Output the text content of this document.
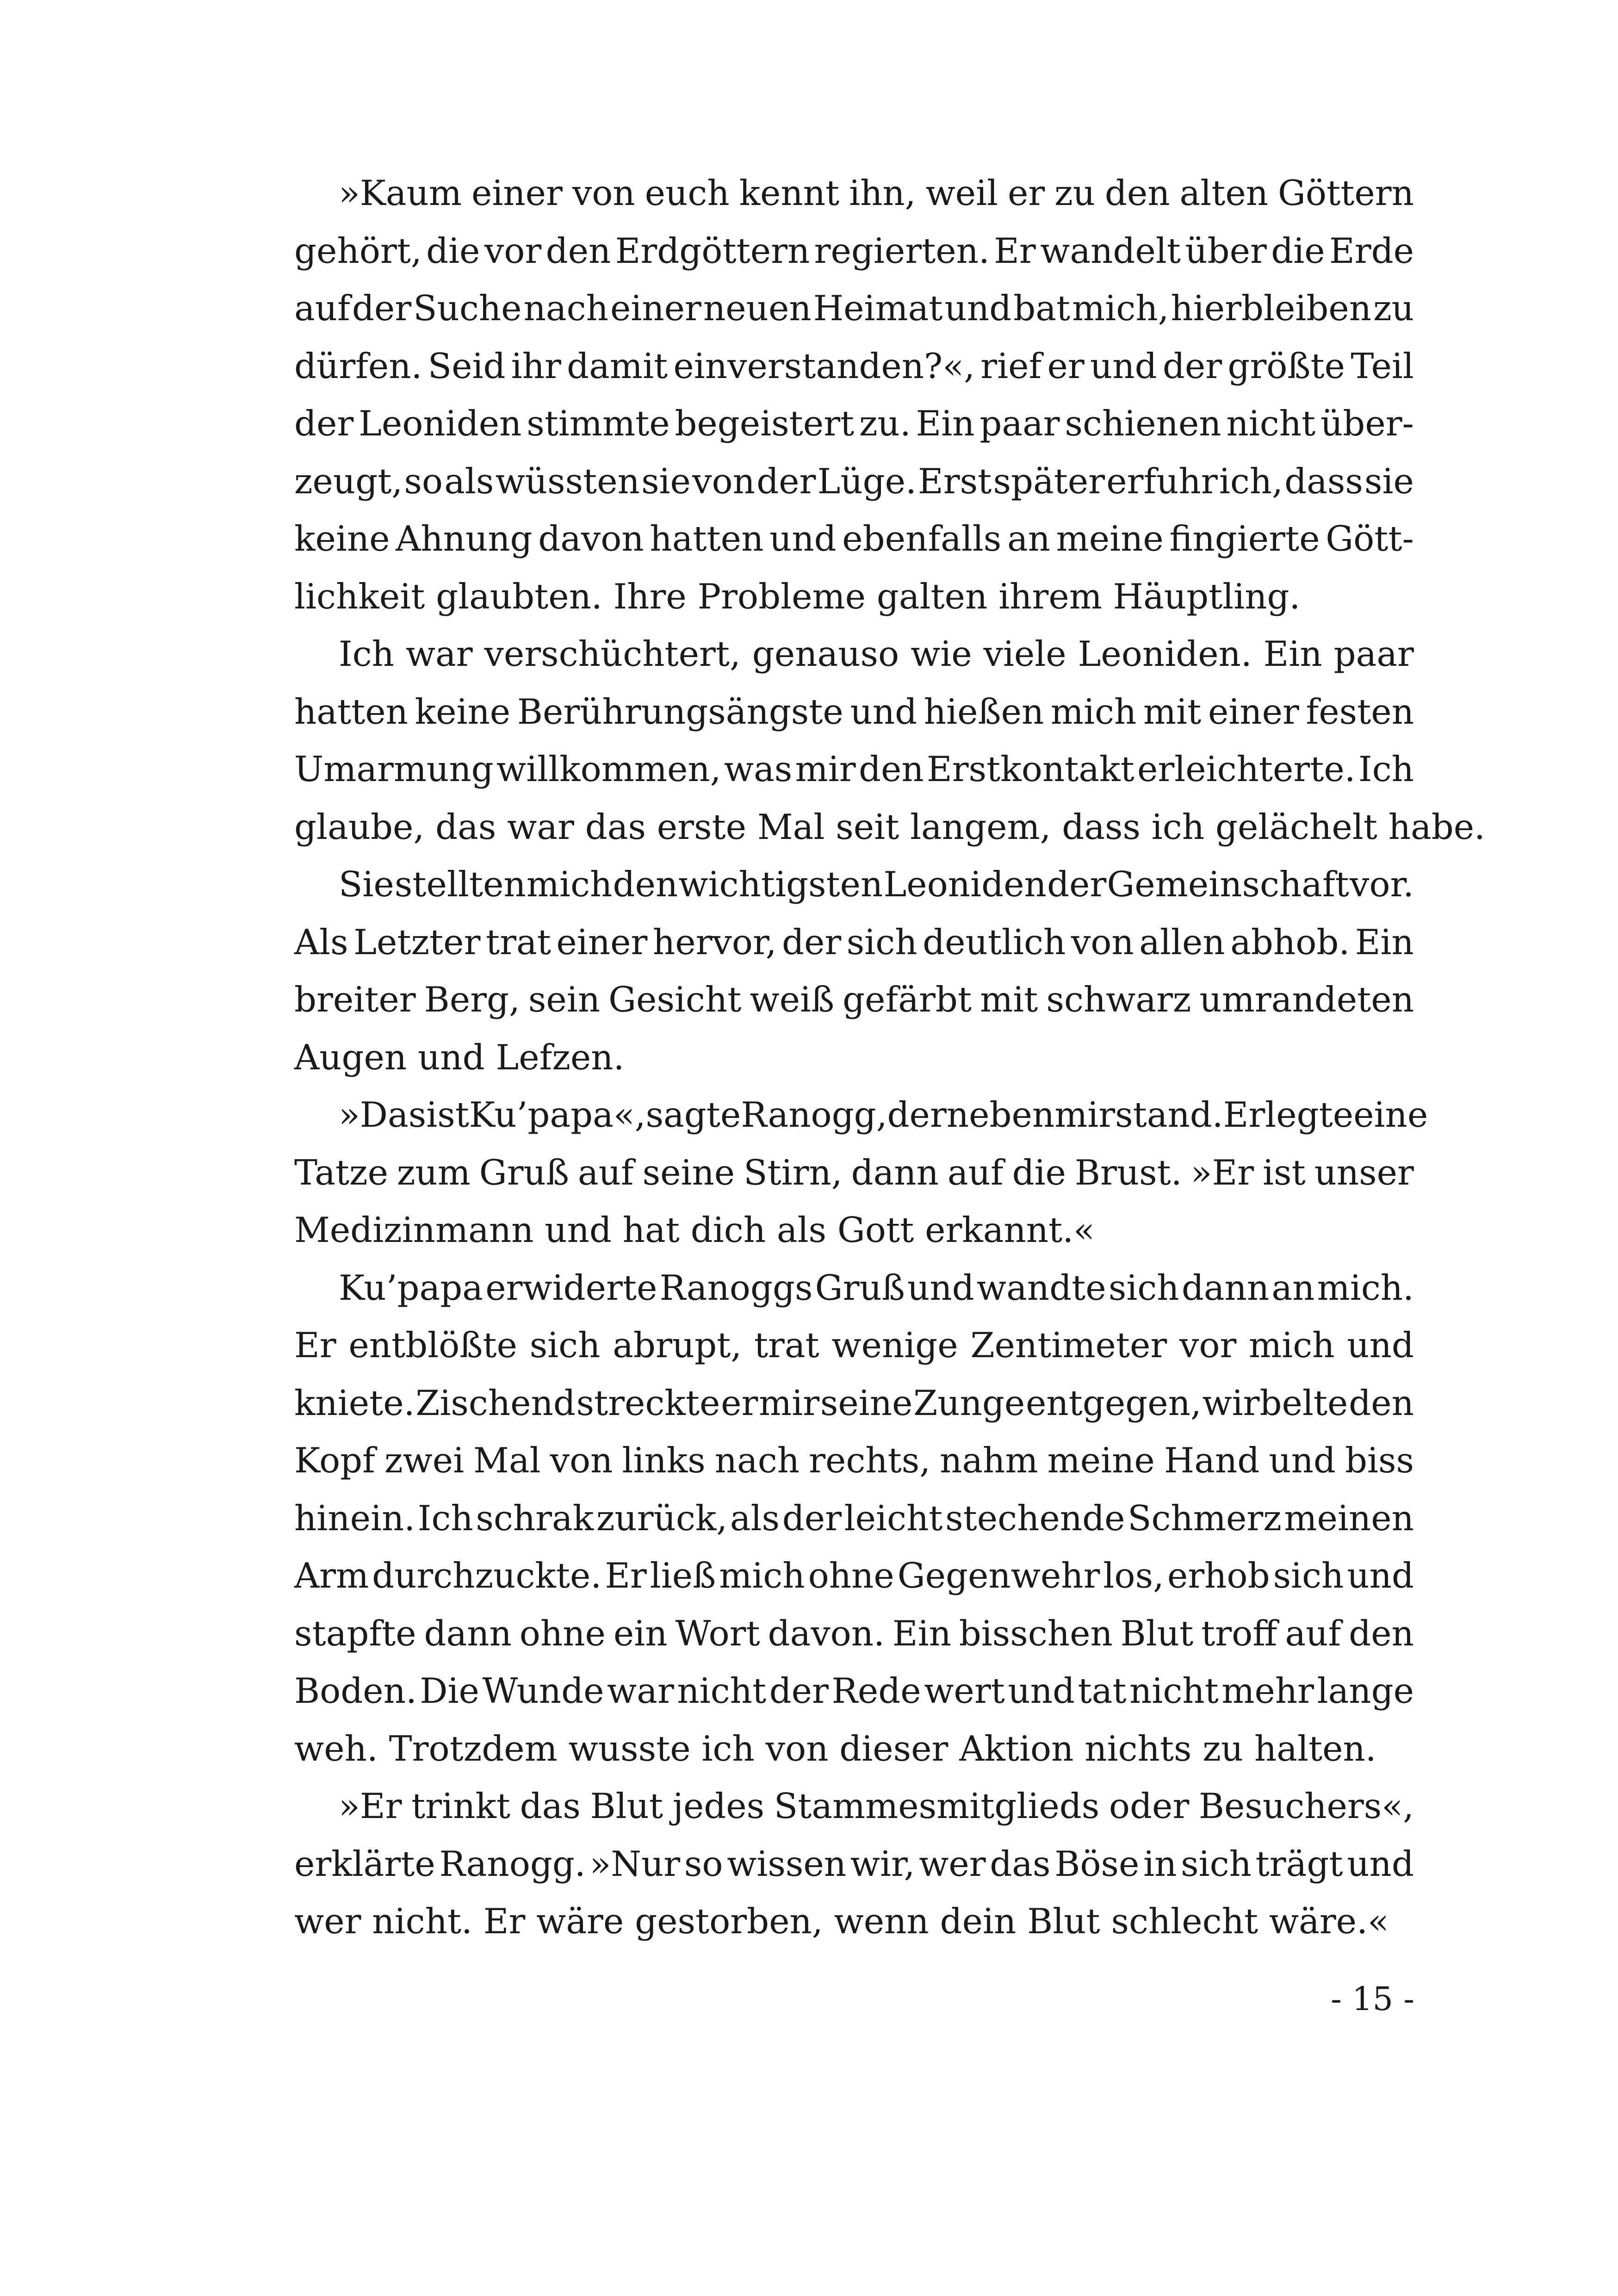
»Kaum einer von euch kennt ihn, weil er zu den alten Göttern
gehört, die vor den Erdgöttern regierten. Er wandelt über die Erde
auf der Suche nach einer neuen Heimat und bat mich, hierbleiben zu
dürfen. Seid ihr damit einverstanden?«, rief er und der größte Teil
der Leoniden stimmte begeistert zu. Ein paar schienen nicht über-
zeugt, so als wüssten sie von der Lüge. Erst später erfuhr ich, dass sie
keine Ahnung davon hatten und ebenfalls an meine fingierte Gött-
lichkeit glaubten. Ihre Probleme galten ihrem Häuptling.
Ich war verschüchtert, genauso wie viele Leoniden. Ein paar
hatten keine Berührungsängste und hießen mich mit einer festen
Umarmung willkommen, was mir den Erstkontakt erleichterte. Ich
glaube, das war das erste Mal seit langem, dass ich gelächelt habe.
Sie stellten mich den wichtigsten Leoniden der Gemeinschaft vor.
Als Letzter trat einer hervor, der sich deutlich von allen abhob. Ein
breiter Berg, sein Gesicht weiß gefärbt mit schwarz umrandeten
Augen und Lefzen.
»Das ist Ku’papa«, sagte Ranogg, der neben mir stand. Er legte eine
Tatze zum Gruß auf seine Stirn, dann auf die Brust. »Er ist unser
Medizinmann und hat dich als Gott erkannt.«
Ku’papa erwiderte Ranoggs Gruß und wandte sich dann an mich.
Er entblößte sich abrupt, trat wenige Zentimeter vor mich und
kniete. Zischend streckte er mir seine Zunge entgegen, wirbelte den
Kopf zwei Mal von links nach rechts, nahm meine Hand und biss
hinein. Ich schrak zurück, als der leicht stechende Schmerz meinen
Arm durchzuckte. Er ließ mich ohne Gegenwehr los, erhob sich und
stapfte dann ohne ein Wort davon. Ein bisschen Blut troff auf den
Boden. Die Wunde war nicht der Rede wert und tat nicht mehr lange
weh. Trotzdem wusste ich von dieser Aktion nichts zu halten.
»Er trinkt das Blut jedes Stammesmitglieds oder Besuchers«,
erklärte Ranogg. »Nur so wissen wir, wer das Böse in sich trägt und
wer nicht. Er wäre gestorben, wenn dein Blut schlecht wäre.«
- 15 -
